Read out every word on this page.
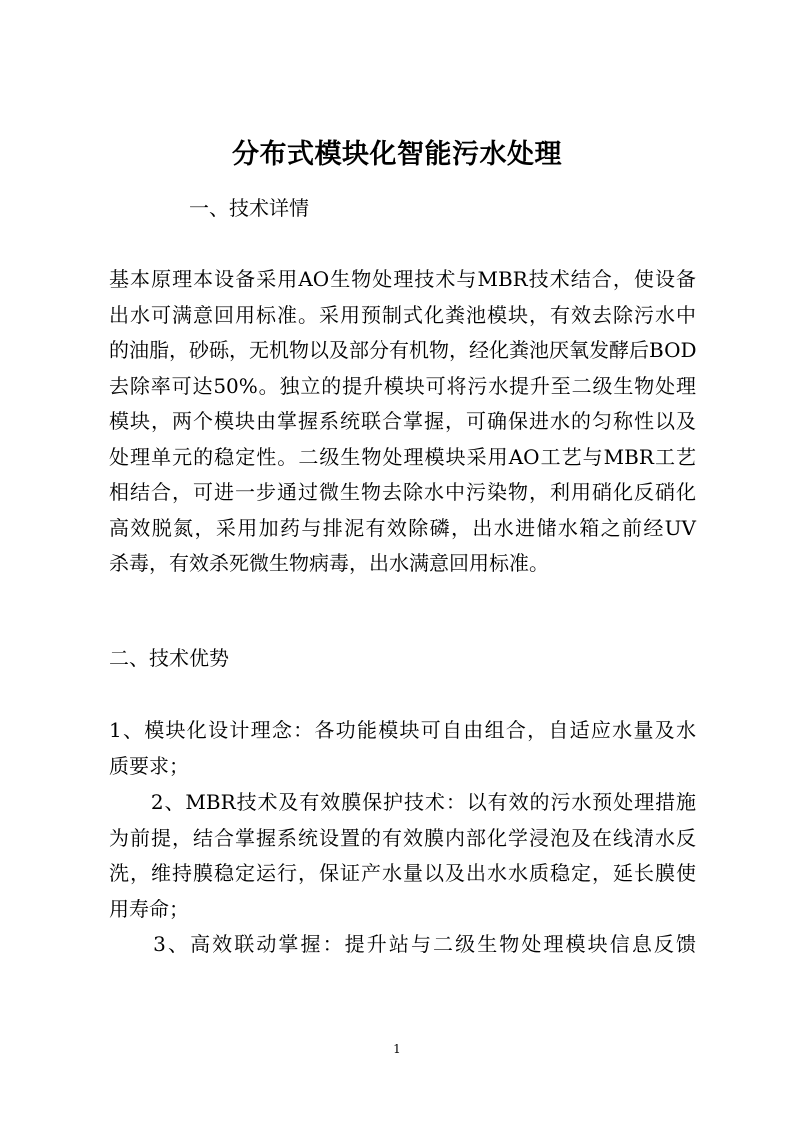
分布式模块化智能污水处理
一、技术详情

基本原理本设备采用AO生物处理技术与MBR技术结合，使设备
出水可满意回用标准。采用预制式化粪池模块，有效去除污水中
的油脂，砂砾，无机物以及部分有机物，经化粪池厌氧发酵后BOD
去除率可达50%。独立的提升模块可将污水提升至二级生物处理
模块，两个模块由掌握系统联合掌握，可确保进水的匀称性以及
处理单元的稳定性。二级生物处理模块采用AO工艺与MBR工艺
相结合，可进一步通过微生物去除水中污染物，利用硝化反硝化
高效脱氮，采用加药与排泥有效除磷，出水进储水箱之前经UV
杀毒，有效杀死微生物病毒，出水满意回用标准。

二、技术优势

1、模块化设计理念：各功能模块可自由组合，自适应水量及水
质要求；

　　2、MBR技术及有效膜保护技术：以有效的污水预处理措施
为前提，结合掌握系统设置的有效膜内部化学浸泡及在线清水反
洗，维持膜稳定运行，保证产水量以及出水水质稳定，延长膜使
用寿命；

　　3、高效联动掌握：提升站与二级生物处理模块信息反馈

1
